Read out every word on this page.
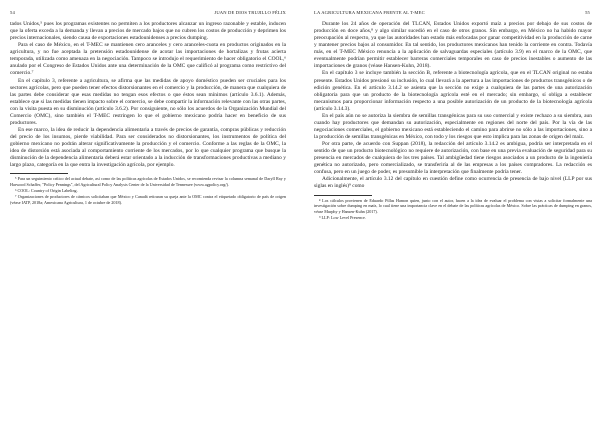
54	JUAN DE DIOS TRUJILLO FÉLIX

tados Unidos,⁵ pues los programas existentes no permiten a los productores alcanzar un ingreso razonable y estable, inducen que la oferta exceda a la demanda y llevan a precios de mercado bajos que no cubren los costos de producción y deprimen los precios internacionales, siendo causa de exportaciones estadounidenses a precios dumping.

Para el caso de México, en el T-MEC se mantienen cero aranceles y cero aranceles-cuota en productos originados en la agricultura, y no fue aceptada la pretensión estadounidense de acotar las importaciones de hortalizas y frutas acierta temporada, utilizada como amenaza en la negociación. Tampoco se introdujo el requerimiento de hacer obligatorio el COOL,⁶ anulado por el Congreso de Estados Unidos ante una determinación de la OMC que calificó al programa como restrictivo del comercio.⁷

En el capítulo 3, referente a agricultura, se afirma que las medidas de apoyo doméstico pueden ser cruciales para los sectores agrícolas, pero que pueden tener efectos distorsionantes en el comercio y la producción, de manera que cualquiera de las partes debe considerar que esas medidas no tengan esos efectos o que éstos sean mínimos (artículo 3.6.1). Además, establece que si las medidas tienen impacto sobre el comercio, se debe compartir la información relevante con las otras partes, con la visita puesta en su disminución (artículo 3.6.2). Por consiguiente, no sólo los acuerdos de la Organización Mundial del Comercio (OMC), sino también el T-MEC restringen lo que el gobierno mexicano podría hacer en beneficio de sus productores.

En ese marco, la idea de reducir la dependencia alimentaria a través de precios de garantía, compras públicas y reducción del precio de los insumos, pierde viabilidad. Para ser considerados no distorsionantes, los instrumentos de política del gobierno mexicano no podrán alterar significativamente la producción y el comercio. Conforme a las reglas de la OMC, la idea de distorsión está asociada al comportamiento corriente de los mercados, por lo que cualquier programa que busque la disminución de la dependencia alimentaria deberá estar orientado a la inducción de transformaciones productivas a mediano y largo plazo, categoría en la que entra la investigación agrícola, por ejemplo.

⁵ Para un seguimiento crítico del actual debate, así como de las políticas agrícolas de Estados Unidos, se recomienda revisar la columna semanal de Daryll Ray y Harwood Schaffer, "Policy Pennings", del Agricultural Policy Analysis Center de la Universidad de Tennessee (www.agpolicy.org/).

⁶ COOL: Country of Origin Labeling.

⁷ Organizaciones de productores de cárnicos solicitaban que México y Canadá retiraran su queja ante la OMC contra el etiquetado obligatorio de país de origen (véase IATP, 2018a; Amexicana Agricultura, 1 de octubre de 2018).

LA AGRICULTURA MEXICANA FRENTE AL T-MEC	55

Durante los 24 años de operación del TLCAN, Estados Unidos exportó maíz a precios por debajo de sus costos de producción en doce años,⁸ y algo similar sucedió en el caso de otros granos. Sin embargo, en México no ha habido mayor preocupación al respecto, ya que las autoridades han estado más enfocadas por ganar competitividad en la producción de carne y mantener precios bajos al consumidor. En tal sentido, los productores mexicanos han tenido la corriente en contra. Todavía más, en el T-MEC México renuncia a la aplicación de salvaguardas especiales (artículo 3.9) en el marco de la OMC, que eventualmente podrían permitir establecer barreras comerciales temporales en caso de precios inestables o aumento de las importaciones de granos (véase Hansen-Kuhn, 2018).

En el capítulo 3 se incluye también la sección B, referente a biotecnología agrícola, que en el TLCAN original no estaba presente. Estados Unidos presionó su inclusión, lo cual llevará a la apertura a las importaciones de productos transgénicos o de edición genética. En el artículo 3.14.2 se asienta que la sección no exige a cualquiera de las partes de una autorización obligatoria para que un producto de la biotecnología agrícola esté en el mercado; sin embargo, sí obliga a establecer mecanismos para proporcionar información respecto a una posible autorización de un producto de la biotecnología agrícola (artículo 3.14.3).

En el país aún no se autoriza la siembra de semillas transgénicas para su uso comercial y existe rechazo a su siembra, aun cuando hay productores que demandan su autorización, especialmente en regiones del norte del país. Por la vía de las negociaciones comerciales, el gobierno mexicano está estableciendo el camino para abrirse no sólo a las importaciones, sino a la producción de semillas transgénicas en México, con todo y los riesgos que esto implica para las zonas de origen del maíz.

Por otra parte, de acuerdo con Suppan (2018), la redacción del artículo 3.14.2 es ambigua, podría ser interpretada en el sentido de que un producto biotecnológico no requiere de autorización, con base en una previa evaluación de seguridad para su presencia en mercados de cualquiera de los tres países. Tal ambigüedad tiene riesgos asociados a un producto de la ingeniería genética no autorizado, pero comercializado, se transferiría al de las empresas a los países compradores. La redacción es confusa, pero en un juego de poder, es presumible la interpretación que finalmente podría tener.

Adicionalmente, el artículo 3.12 del capítulo en cuestión define como ocurrencia de presencia de bajo nivel (LLP por sus siglas en inglés)⁹ como

⁸ Los cálculos provienen de Eduardo Pillas Hamon quien, junto con el autor, hacen a la idea de evaluar el problema con vistas a solicitar formalmente una investigación sobre dumping en maíz, lo cual tiene una importancia clave en el debate de las políticas agrícolas de México. Sobre las prácticas de dumping en granos, véase Murphy y Hansen-Kuhn (2017).

⁹ LLP: Low Level Presence.
